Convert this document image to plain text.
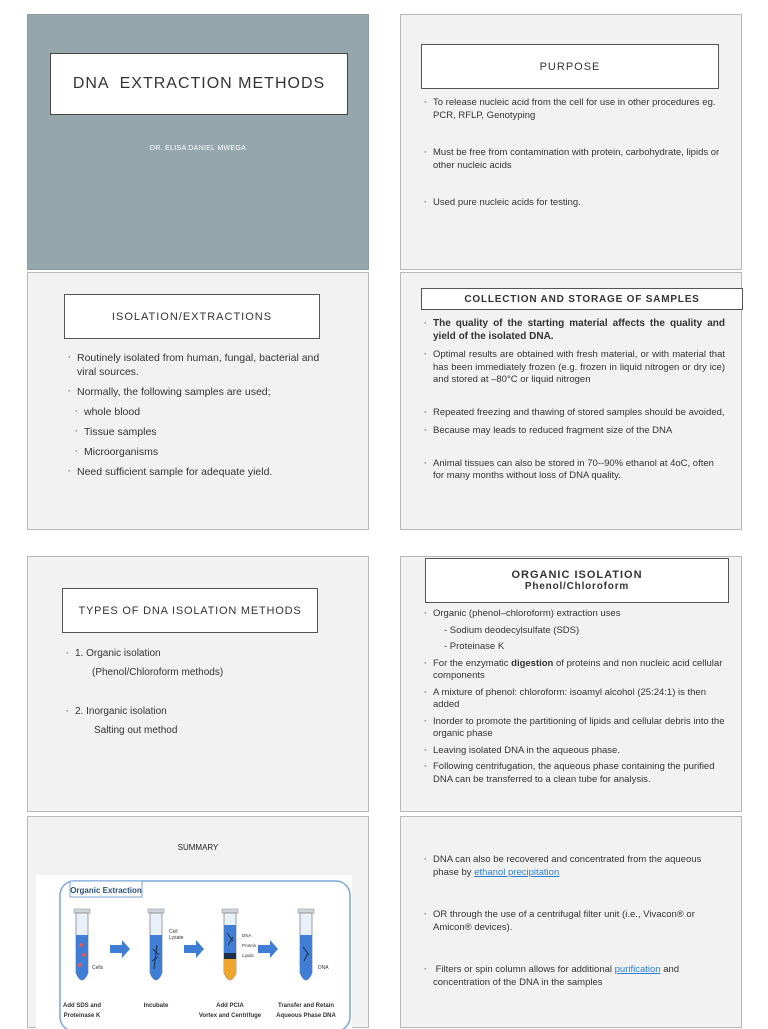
DNA  EXTRACTION METHODS
DR. ELISA DANIEL MWEGA
PURPOSE
▪ To release nucleic acid from the cell for use in other procedures eg. PCR, RFLP, Genotyping
▪ Must be free from contamination with protein, carbohydrate, lipids or other nucleic acids
▪ Used pure nucleic acids for testing.
ISOLATION/EXTRACTIONS
▪ Routinely isolated from human, fungal, bacterial and viral sources.
▪ Normally, the following samples are used;
▪ whole blood
▪ Tissue samples
▪ Microorganisms
▪ Need sufficient sample for adequate yield.
COLLECTION AND STORAGE OF SAMPLES
▪ The quality of the starting material affects the quality and yield of the isolated DNA.
▪ Optimal results are obtained with fresh material, or with material that has been immediately frozen (e.g. frozen in liquid nitrogen or dry ice) and stored at –80°C or liquid nitrogen
▪ Repeated freezing and thawing of stored samples should be avoided,
▪ Because may leads to reduced fragment size of the DNA
▪ Animal tissues can also be stored in 70--90% ethanol at 4oC, often for many months without loss of DNA quality.
TYPES OF DNA ISOLATION METHODS
▪ 1. Organic isolation
(Phenol/Chloroform methods)
▪ 2. Inorganic isolation
Salting out method
ORGANIC ISOLATION
Phenol/Chloroform
▪ Organic (phenol–chloroform) extraction uses
- Sodium deodecylsulfate (SDS)
- Proteinase K
▪ For the enzymatic digestion of proteins and non nucleic acid cellular components
▪ A mixture of phenol: chloroform: isoamyl alcohol (25:24:1) is then added
▪ Inorder to promote the partitioning of lipids and cellular debris into the organic phase
▪ Leaving isolated DNA in the aqueous phase.
▪ Following centrifugation, the aqueous phase containing the purified DNA can be transferred to a clean tube for analysis.
SUMMARY
Organic Extraction
Cells
Cell
Lysate	DNA
Protein
Lipids
DNA
Add SDS and
Proteinase K
Incubate	Add PCIA
Vortex and Centrifuge
Transfer and Retain
Aqueous Phase DNA
▪ DNA can also be recovered and concentrated from the aqueous phase by ethanol precipitation
▪ OR through the use of a centrifugal filter unit (i.e., Vivacon® or Amicon® devices).
▪  Filters or spin column allows for additional purification and concentration of the DNA in the samples
